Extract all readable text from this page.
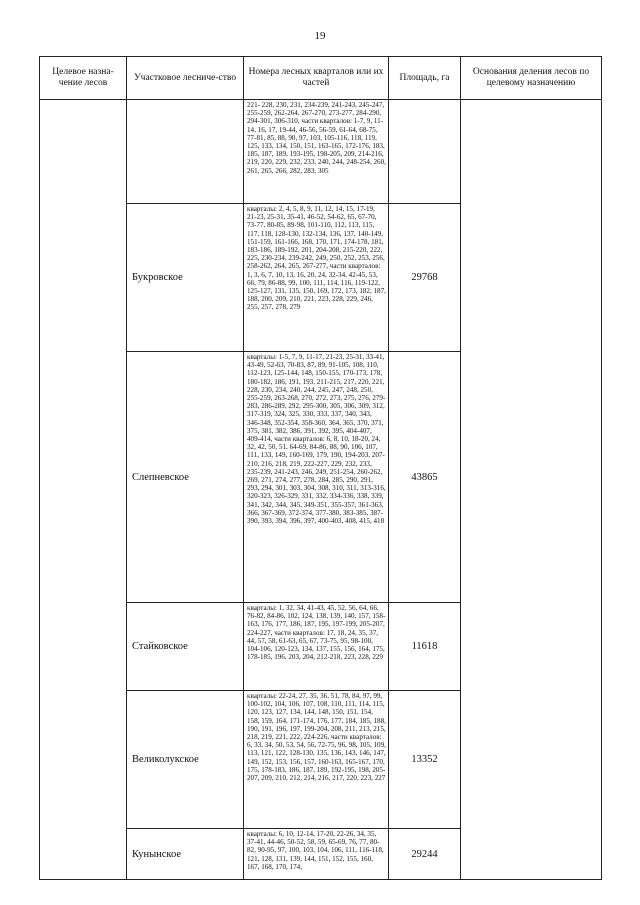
19
Целевое назна-чение лесов	Участковое лесниче-ство	Номера лесных кварталов или их частей	Площадь, га	Основания деления лесов по целевому назначению
		221- 228, 230, 231, 234-239, 241-243, 245-247, 255-259, 262-264, 267-270, 273-277, 284-290, 294-301, 306-310, части кварталов: 1-7, 9, 11-14, 16, 17, 19-44, 46-56, 56-59, 61-64, 68-75, 77-81, 85, 88, 90, 97, 103, 105-116, 118, 119, 125, 133, 134, 150, 151, 163-165, 172-176, 183, 185, 187, 189, 193-195, 198-205, 209, 214-216, 219, 220, 229, 232, 233, 240, 244, 248-254, 260, 261, 265, 266, 282, 283, 305		
	Букровское	кварталы: 2, 4, 5, 8, 9, 11, 12, 14, 15, 17-19, 21-23, 25-31, 35-41, 46-52, 54-62, 65, 67-70, 73-77, 80-85, 89-98, 101-110, 112, 113, 115, 117, 118, 128-130, 132-134, 136, 137, 140-149, 151-159, 161-166, 168, 170, 171, 174-178, 181, 183-186, 189-192, 201, 204-208, 215-220, 222, 225, 230-234, 239-242, 249, 250, 252, 253, 256, 258-262, 264, 265, 267-277, части кварталов: 1, 3, 6, 7, 10, 13, 16, 20, 24, 32-34, 42-45, 53, 66, 79, 86-88, 99, 100, 111, 114, 116, 119-122, 125-127, 131, 135, 150, 169, 172, 173, 182, 187, 188, 200, 209, 210, 221, 223, 228, 229, 246, 255, 257, 278, 279	29768	
	Слепневское	кварталы: 1-5, 7, 9, 11-17, 21-23, 25-31, 33-41, 43-49, 52-63, 70-83, 87, 89, 91-105, 108, 110, 112-123, 125-144, 148, 150-155, 170-173, 178, 180-182, 186, 191, 193, 211-215, 217, 220, 221, 228, 230, 234, 240, 244, 245, 247, 248, 250, 255-259, 263-268, 270, 272, 273, 275, 276, 279-283, 286-289, 292, 295-300, 305, 306, 309, 312, 317-319, 324, 325, 330, 333, 337, 340, 343, 346-348, 352-354, 358-360, 364, 365, 370, 371, 375, 381, 382, 386, 391, 392, 395, 404-407, 409-414, части кварталов: 6, 8, 10, 18-20, 24, 32, 42, 50, 51, 64-69, 84-86, 88, 90, 106, 107, 111, 133, 149, 160-169, 179, 190, 194-203, 207-210, 216, 218, 219, 222-227, 229, 232, 233, 235-239, 241-243, 246, 249, 251-254, 260-262, 269, 271, 274, 277, 278, 284, 285, 290, 291, 293, 294, 301, 303, 304, 308, 310, 311, 313-316, 320-323, 326-329, 331, 332, 334-336, 338, 339, 341, 342, 344, 345, 349-351, 355-357, 361-363, 366, 367-369, 372-374, 377-380, 383-385, 387-390, 393, 394, 396, 397, 400-403, 408, 415, 418	43865	
	Стайковское	кварталы: 1, 32, 34, 41-43, 45, 52, 56, 64, 66, 76-82, 84-86, 102, 124, 138, 139, 140, 157, 158-163, 176, 177, 186, 187, 195, 197-199, 205-207, 224-227, части кварталов: 17, 18, 24, 35, 37, 44, 57, 58, 61-63, 65, 67, 73-75, 95, 98-100, 104-106, 120-123, 134, 137, 155, 156, 164, 175, 178-185, 196, 203, 204, 212-218, 223, 228, 229	11618	
	Великолукское	кварталы: 22-24, 27, 35, 36, 51, 78, 84, 97, 99, 100-102, 104, 106, 107, 108, 110, 111, 114, 115, 120, 123, 127, 134, 144, 148, 150, 151, 154, 158, 159, 164, 171-174, 176, 177, 184, 185, 188, 190, 191, 196, 197, 199-204, 208, 211, 213, 215, 218, 219, 221, 222, 224-226, части кварталов: 6, 33, 34, 50, 53, 54, 56, 72-75, 96, 98, 105, 109, 113, 121, 122, 128-130, 135, 136, 143, 146, 147, 149, 152, 153, 156, 157, 160-163, 165-167, 170, 175, 178-183, 186, 187, 189, 192-195, 198, 205-207, 209, 210, 212, 214, 216, 217, 220, 223, 227	13352	
	Кунынское	кварталы: 6, 10, 12-14, 17-20, 22-26, 34, 35, 37-41, 44-46, 50-52, 58, 59, 65-69, 76, 77, 80-82, 90-95, 97, 100, 103, 104, 106, 111, 116-118, 121, 128, 131, 139, 144, 151, 152, 155, 160, 167, 168, 170, 174,	29244	
